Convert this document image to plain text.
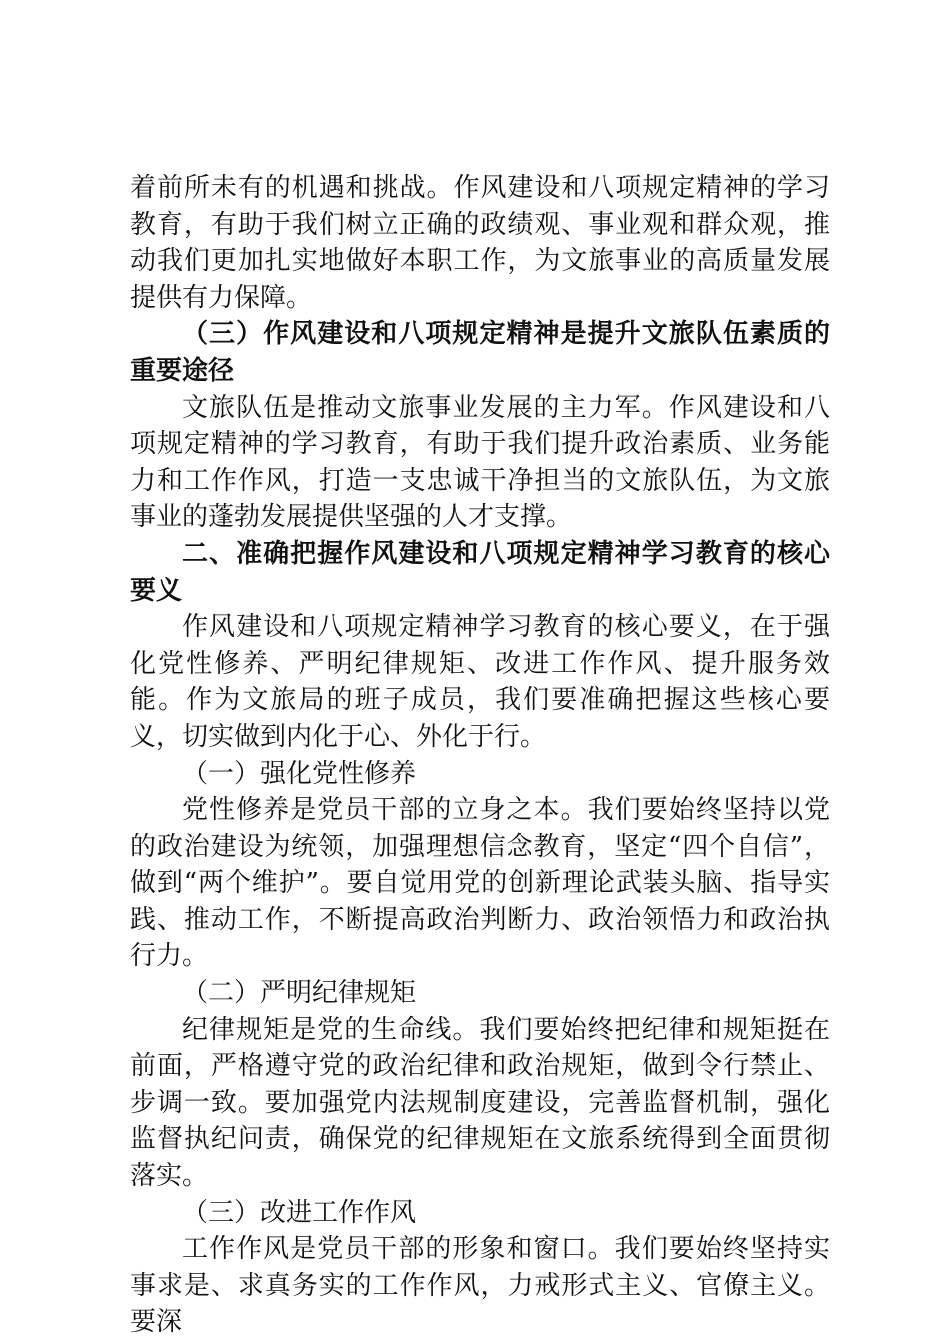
着前所未有的机遇和挑战。作风建设和八项规定精神的学习教育，有助于我们树立正确的政绩观、事业观和群众观，推动我们更加扎实地做好本职工作，为文旅事业的高质量发展提供有力保障。

（三）作风建设和八项规定精神是提升文旅队伍素质的重要途径

文旅队伍是推动文旅事业发展的主力军。作风建设和八项规定精神的学习教育，有助于我们提升政治素质、业务能力和工作作风，打造一支忠诚干净担当的文旅队伍，为文旅事业的蓬勃发展提供坚强的人才支撑。

二、准确把握作风建设和八项规定精神学习教育的核心要义

作风建设和八项规定精神学习教育的核心要义，在于强化党性修养、严明纪律规矩、改进工作作风、提升服务效能。作为文旅局的班子成员，我们要准确把握这些核心要义，切实做到内化于心、外化于行。

（一）强化党性修养

党性修养是党员干部的立身之本。我们要始终坚持以党的政治建设为统领，加强理想信念教育，坚定“四个自信”，做到“两个维护”。要自觉用党的创新理论武装头脑、指导实践、推动工作，不断提高政治判断力、政治领悟力和政治执行力。

（二）严明纪律规矩

纪律规矩是党的生命线。我们要始终把纪律和规矩挺在前面，严格遵守党的政治纪律和政治规矩，做到令行禁止、步调一致。要加强党内法规制度建设，完善监督机制，强化监督执纪问责，确保党的纪律规矩在文旅系统得到全面贯彻落实。

（三）改进工作作风

工作作风是党员干部的形象和窗口。我们要始终坚持实事求是、求真务实的工作作风，力戒形式主义、官僚主义。要深
